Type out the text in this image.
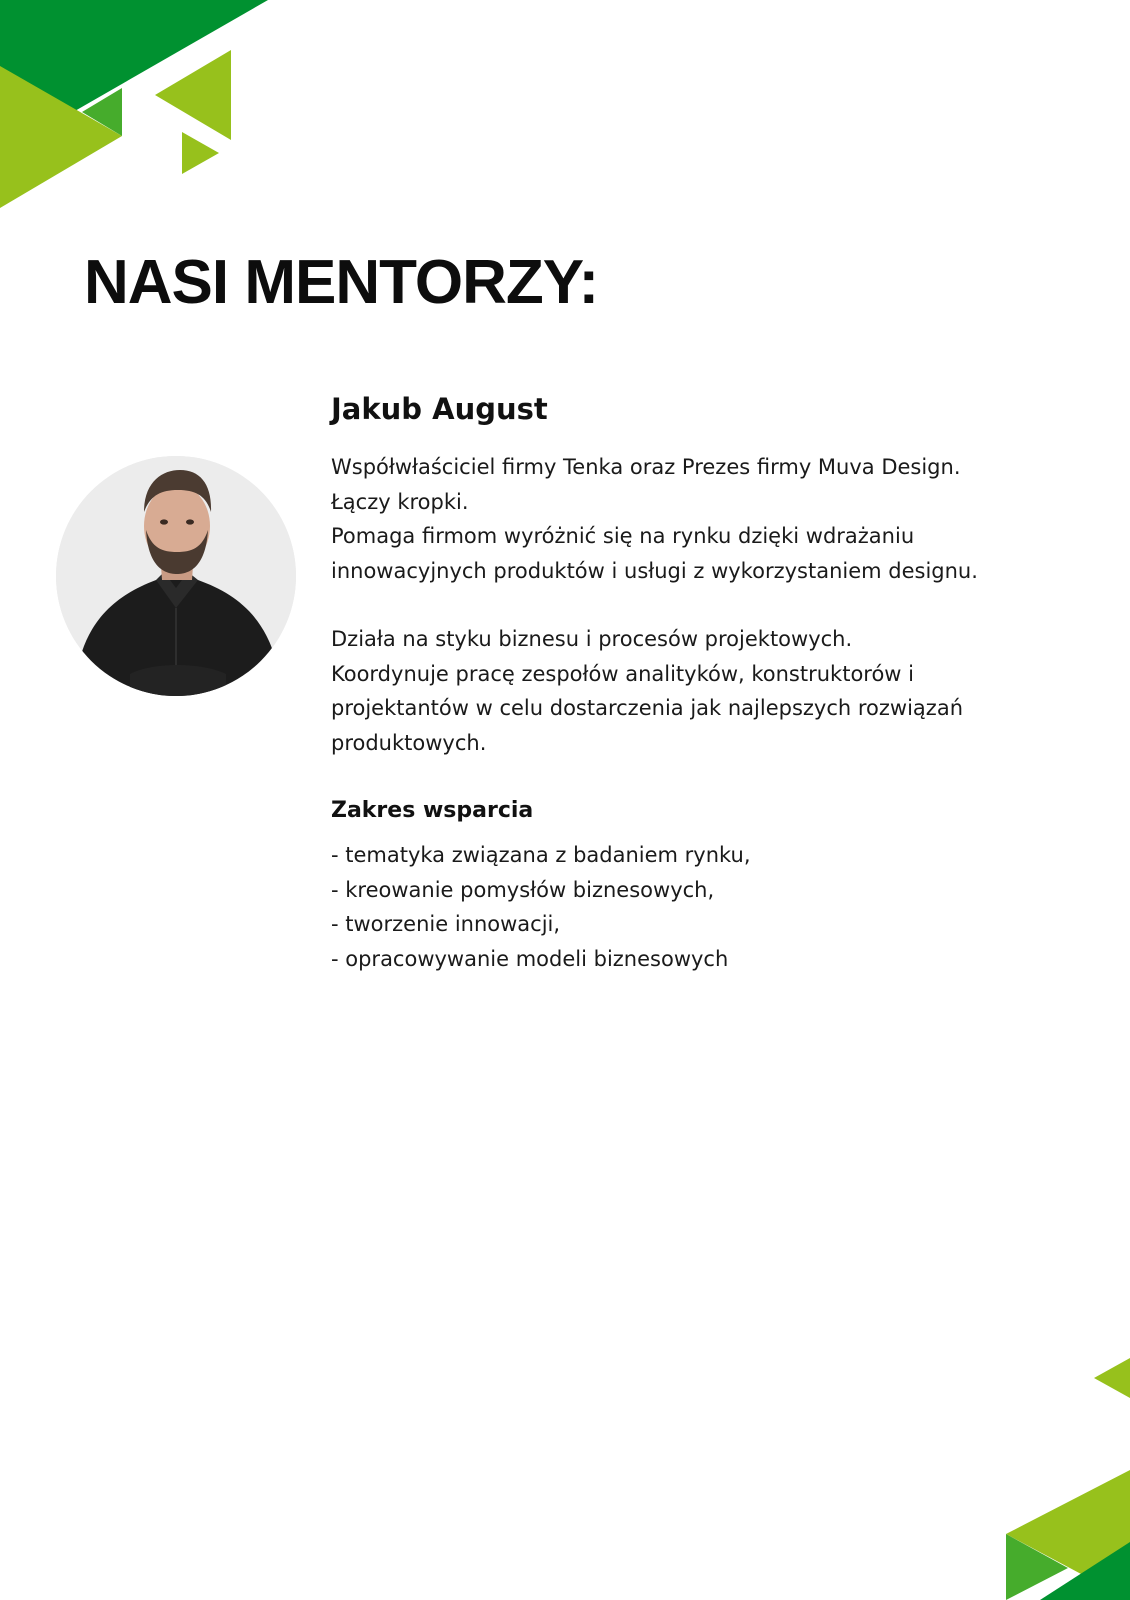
NASI MENTORZY:
Jakub August

Współwłaściciel firmy Tenka oraz Prezes firmy Muva Design.
Łączy kropki.
Pomaga firmom wyróżnić się na rynku dzięki wdrażaniu
innowacyjnych produktów i usługi z wykorzystaniem designu.

Działa na styku biznesu i procesów projektowych.
Koordynuje pracę zespołów analityków, konstruktorów i
projektantów w celu dostarczenia jak najlepszych rozwiązań
produktowych.

Zakres wsparcia
- tematyka związana z badaniem rynku,
- kreowanie pomysłów biznesowych,
- tworzenie innowacji,
- opracowywanie modeli biznesowych
